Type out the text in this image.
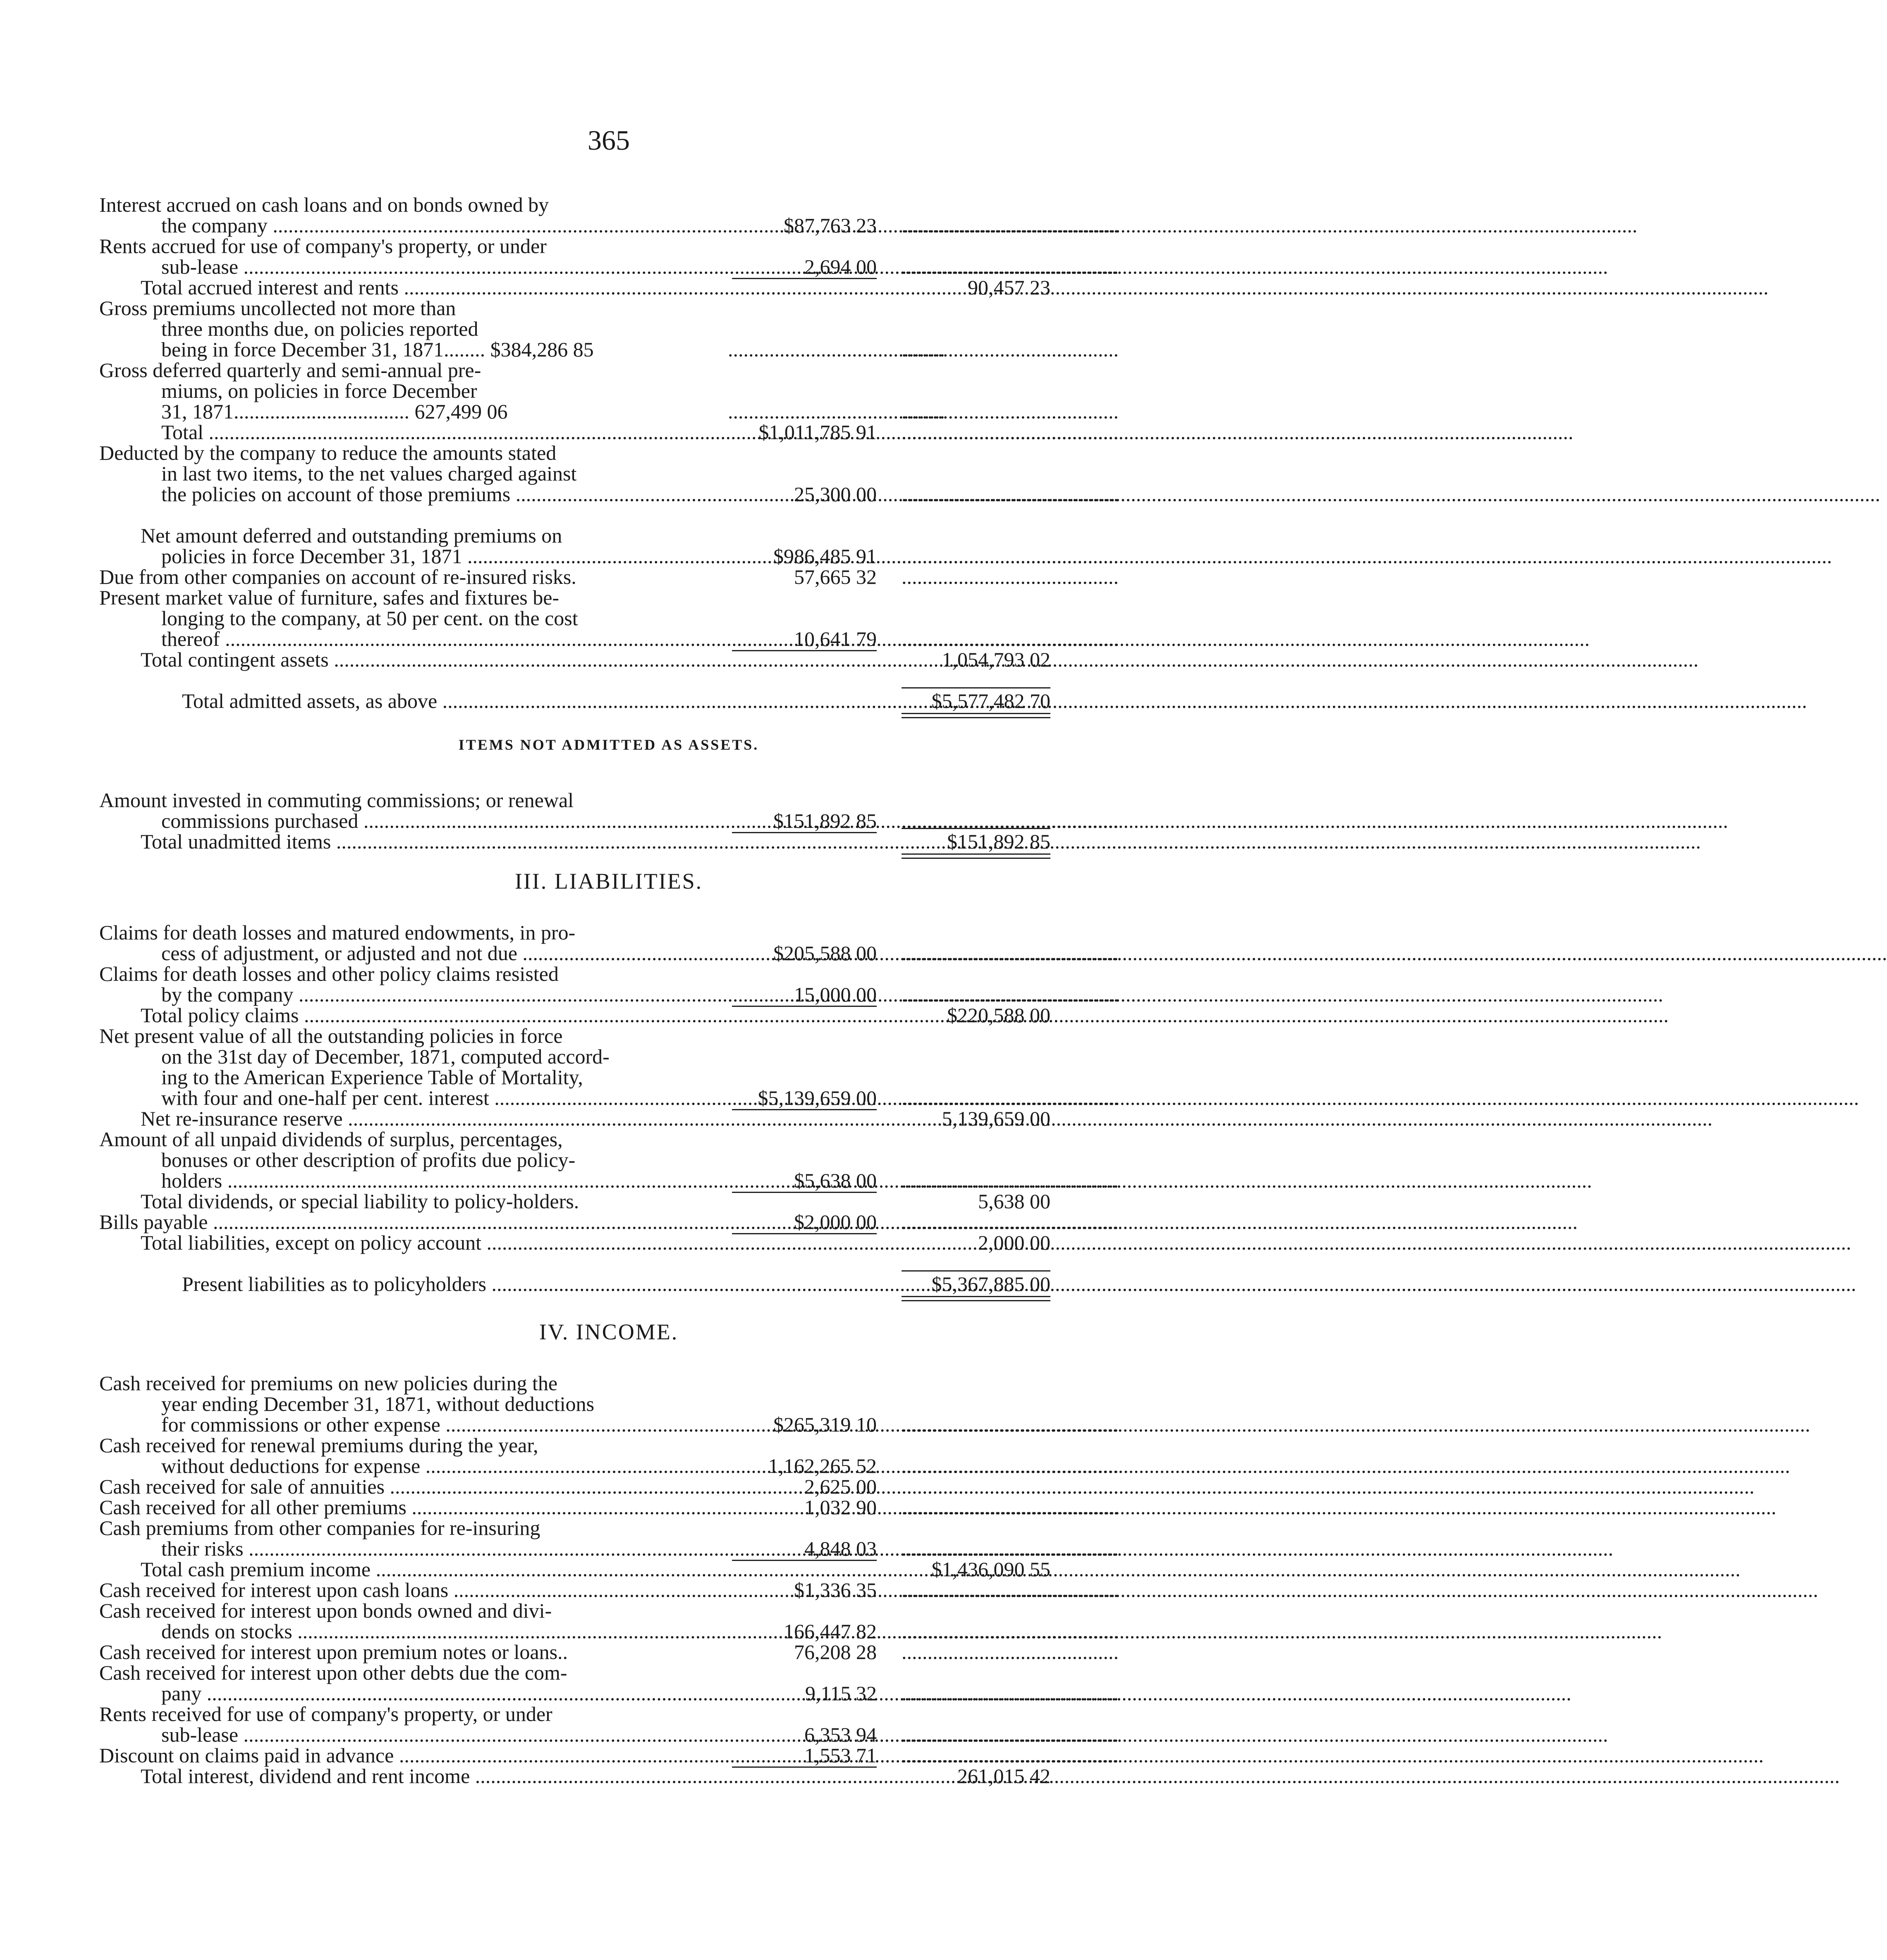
365
Interest accrued on cash loans and on bonds owned by
the company .....	$87,763 23 ..........................................
Rents accrued for use of company's property, or under
sub-lease .....	2,694 00 ..........................................
Total accrued interest and rents .....	90,457 23
Gross premiums uncollected not more than
three months due, on policies reported
being in force December 31, 1871........ $384,286 85	..........................................
..........................................
Gross deferred quarterly and semi-annual pre-
miums, on policies in force December
31, 1871.................................. 627,499 06	..........................................
..........................................
Total .....	$1,011,785 91 ..........................................
Deducted by the company to reduce the amounts stated
in last two items, to the net values charged against
the policies on account of those premiums .....	25,300 00 ..........................................
Net amount deferred and outstanding premiums on
policies in force December 31, 1871 .....	$986,485 91 ..........................................
Due from other companies on account of re-insured risks.	57,665 32 ..........................................
Present market value of furniture, safes and fixtures be-
longing to the company, at 50 per cent. on the cost
thereof .....	10,641 79 ..........................................
Total contingent assets .....	1,054,793 02
Total admitted assets, as above .....	$5,577,482 70
ITEMS NOT ADMITTED AS ASSETS.
Amount invested in commuting commissions; or renewal
commissions purchased .....	$151,892 85 ..........................................
Total unadmitted items .....	$151,892 85
III. LIABILITIES.
Claims for death losses and matured endowments, in pro-
cess of adjustment, or adjusted and not due .....	$205,588 00 ..........................................
Claims for death losses and other policy claims resisted
by the company .....	15,000 00 ..........................................
Total policy claims .....	$220,588 00
Net present value of all the outstanding policies in force
on the 31st day of December, 1871, computed accord-
ing to the American Experience Table of Mortality,
with four and one-half per cent. interest .....	$5,139,659 00 ..........................................
Net re-insurance reserve .....	5,139,659 00
Amount of all unpaid dividends of surplus, percentages,
bonuses or other description of profits due policy-
holders .....	$5,638 00 ..........................................
Total dividends, or special liability to policy-holders.	5,638 00
Bills payable .....	$2,000 00 ..........................................
Total liabilities, except on policy account .....	2,000 00
Present liabilities as to policyholders .....	$5,367,885 00
IV. INCOME.
Cash received for premiums on new policies during the
year ending December 31, 1871, without deductions
for commissions or other expense .....	$265,319 10 ..........................................
Cash received for renewal premiums during the year,
without deductions for expense .....	1,162,265 52 ..........................................
Cash received for sale of annuities .....	2,625 00 ..........................................
Cash received for all other premiums .....	1,032 90 ..........................................
Cash premiums from other companies for re-insuring
their risks .....	4,848 03 ..........................................
Total cash premium income .....	$1,436,090 55
Cash received for interest upon cash loans .....	$1,336 35 ..........................................
Cash received for interest upon bonds owned and divi-
dends on stocks .....	166,447 82 ..........................................
Cash received for interest upon premium notes or loans..	76,208 28 ..........................................
Cash received for interest upon other debts due the com-
pany .....	9,115 32 ..........................................
Rents received for use of company's property, or under
sub-lease .....	6,353 94 ..........................................
Discount on claims paid in advance .....	1,553 71 ..........................................
Total interest, dividend and rent income .....	261,015 42
